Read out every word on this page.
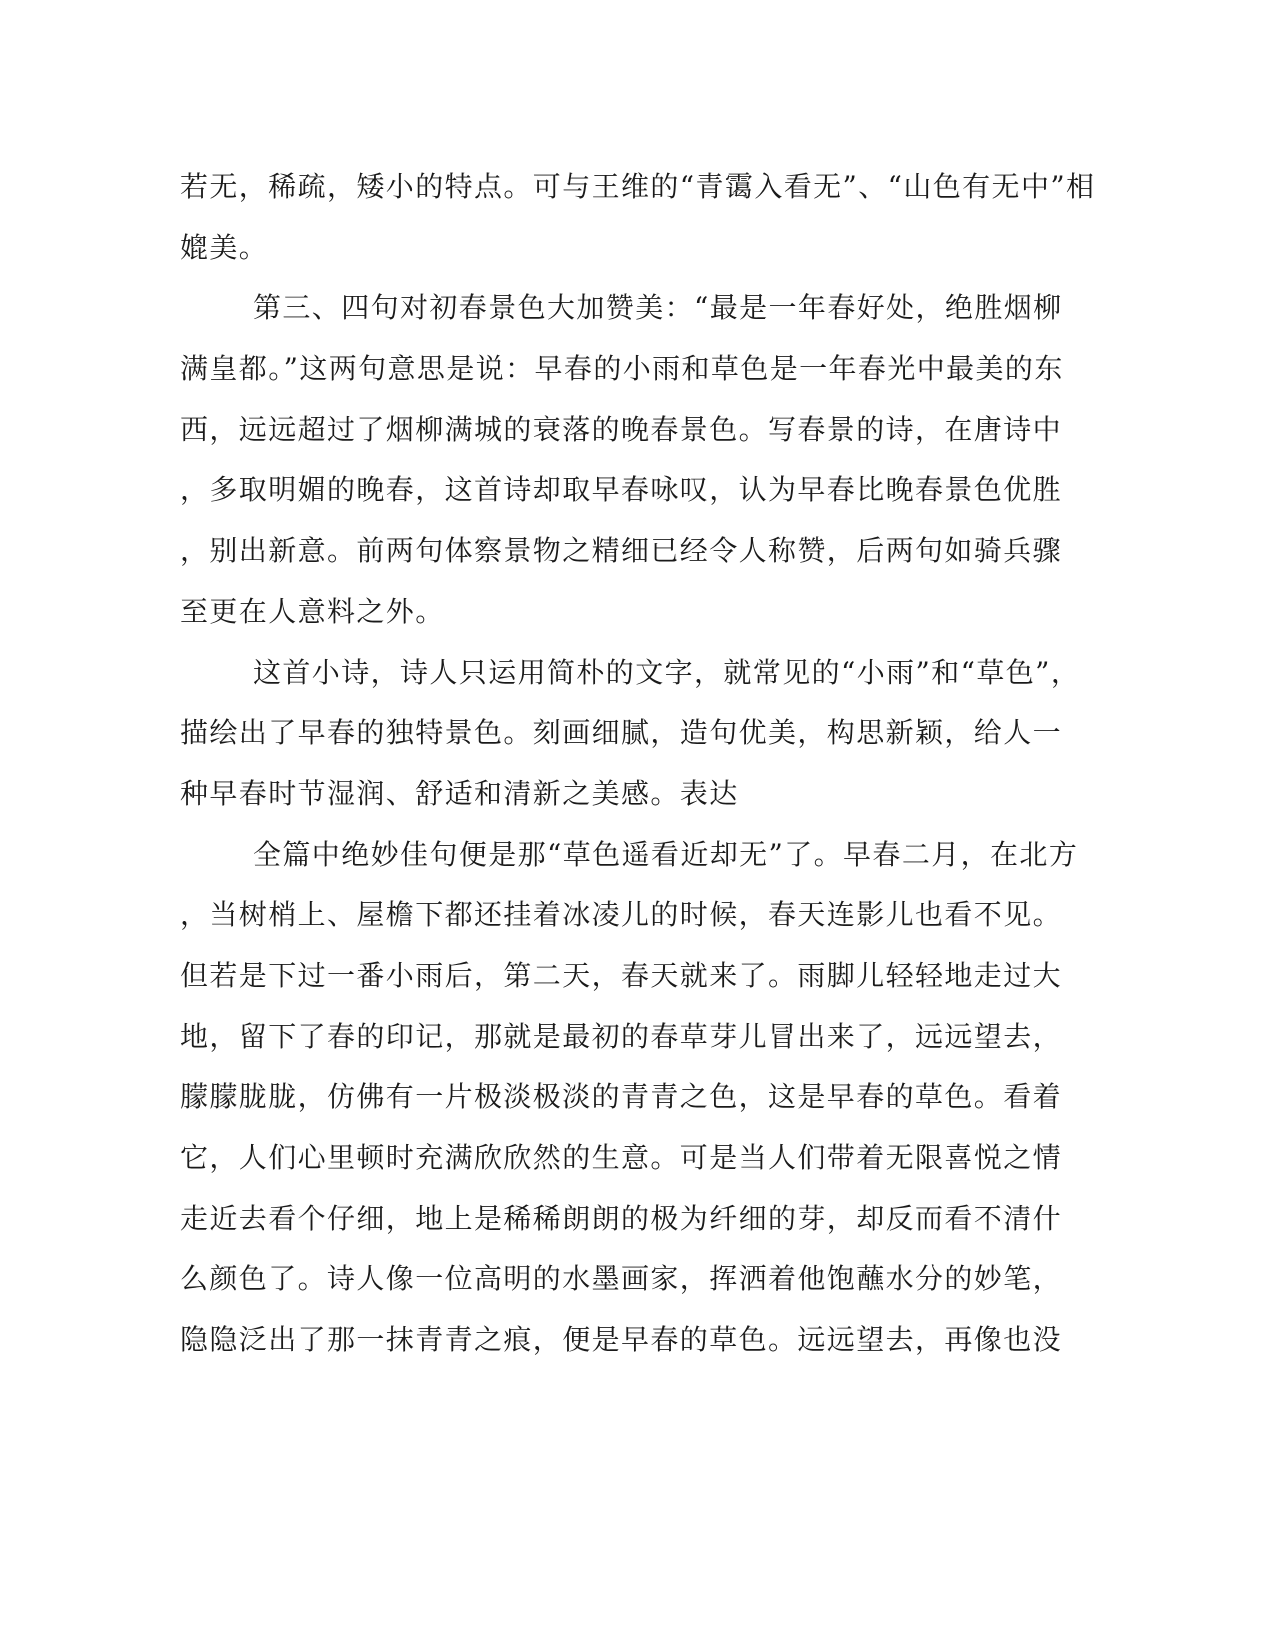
若无，稀疏，矮小的特点。可与王维的“青霭入看无”、“山色有无中”相
媲美。
第三、四句对初春景色大加赞美：“最是一年春好处，绝胜烟柳
满皇都。”这两句意思是说：早春的小雨和草色是一年春光中最美的东
西，远远超过了烟柳满城的衰落的晚春景色。写春景的诗，在唐诗中
，多取明媚的晚春，这首诗却取早春咏叹，认为早春比晚春景色优胜
，别出新意。前两句体察景物之精细已经令人称赞，后两句如骑兵骤
至更在人意料之外。
这首小诗，诗人只运用简朴的文字，就常见的“小雨”和“草色”，
描绘出了早春的独特景色。刻画细腻，造句优美，构思新颖，给人一
种早春时节湿润、舒适和清新之美感。表达
全篇中绝妙佳句便是那“草色遥看近却无”了。早春二月，在北方
，当树梢上、屋檐下都还挂着冰凌儿的时候，春天连影儿也看不见。
但若是下过一番小雨后，第二天，春天就来了。雨脚儿轻轻地走过大
地，留下了春的印记，那就是最初的春草芽儿冒出来了，远远望去，
朦朦胧胧，仿佛有一片极淡极淡的青青之色，这是早春的草色。看着
它，人们心里顿时充满欣欣然的生意。可是当人们带着无限喜悦之情
走近去看个仔细，地上是稀稀朗朗的极为纤细的芽，却反而看不清什
么颜色了。诗人像一位高明的水墨画家，挥洒着他饱蘸水分的妙笔，
隐隐泛出了那一抹青青之痕，便是早春的草色。远远望去，再像也没
